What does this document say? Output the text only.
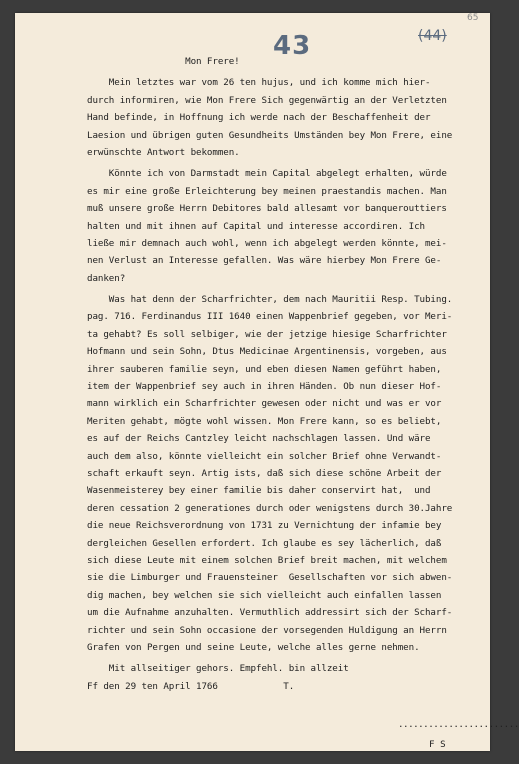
43	(44)
65
Mon Frere!
Mein letztes war vom 26 ten hujus, und ich komme mich hier-
durch informiren, wie Mon Frere Sich gegenwärtig an der Verletzten
Hand befinde, in Hoffnung ich werde nach der Beschaffenheit der
Laesion und übrigen guten Gesundheits Umständen bey Mon Frere, eine
erwünschte Antwort bekommen.
Könnte ich von Darmstadt mein Capital abgelegt erhalten, würde
es mir eine große Erleichterung bey meinen praestandis machen. Man
muß unsere große Herrn Debitores bald allesamt vor banquerouttiers
halten und mit ihnen auf Capital und interesse accordiren. Ich
ließe mir demnach auch wohl, wenn ich abgelegt werden könnte, mei-
nen Verlust an Interesse gefallen. Was wäre hierbey Mon Frere Ge-
danken?
Was hat denn der Scharfrichter, dem nach Mauritii Resp. Tubing.
pag. 716. Ferdinandus III 1640 einen Wappenbrief gegeben, vor Meri-
ta gehabt? Es soll selbiger, wie der jetzige hiesige Scharfrichter
Hofmann und sein Sohn, Dtus Medicinae Argentinensis, vorgeben, aus
ihrer sauberen familie seyn, und eben diesen Namen geführt haben,
item der Wappenbrief sey auch in ihren Händen. Ob nun dieser Hof-
mann wirklich ein Scharfrichter gewesen oder nicht und was er vor
Meriten gehabt, mögte wohl wissen. Mon Frere kann, so es beliebt,
es auf der Reichs Cantzley leicht nachschlagen lassen. Und wäre
auch dem also, könnte vielleicht ein solcher Brief ohne Verwandt-
schaft erkauft seyn. Artig ists, daß sich diese schöne Arbeit der
Wasenmeisterey bey einer familie bis daher conservirt hat,  und
deren cessation 2 generationes durch oder wenigstens durch 30.Jahre
die neue Reichsverordnung von 1731 zu Vernichtung der infamie bey
dergleichen Gesellen erfordert. Ich glaube es sey lächerlich, daß
sich diese Leute mit einem solchen Brief breit machen, mit welchem
sie die Limburger und Frauensteiner  Gesellschaften vor sich abwen-
dig machen, bey welchen sie sich vielleicht auch einfallen lassen
um die Aufnahme anzuhalten. Vermuthlich addressirt sich der Scharf-
richter und sein Sohn occasione der vorsegenden Huldigung an Herrn
Grafen von Pergen und seine Leute, welche alles gerne nehmen.
Mit allseitiger gehors. Empfehl. bin allzeit
Ff den 29 ten April 1766            T.
........................
F S
